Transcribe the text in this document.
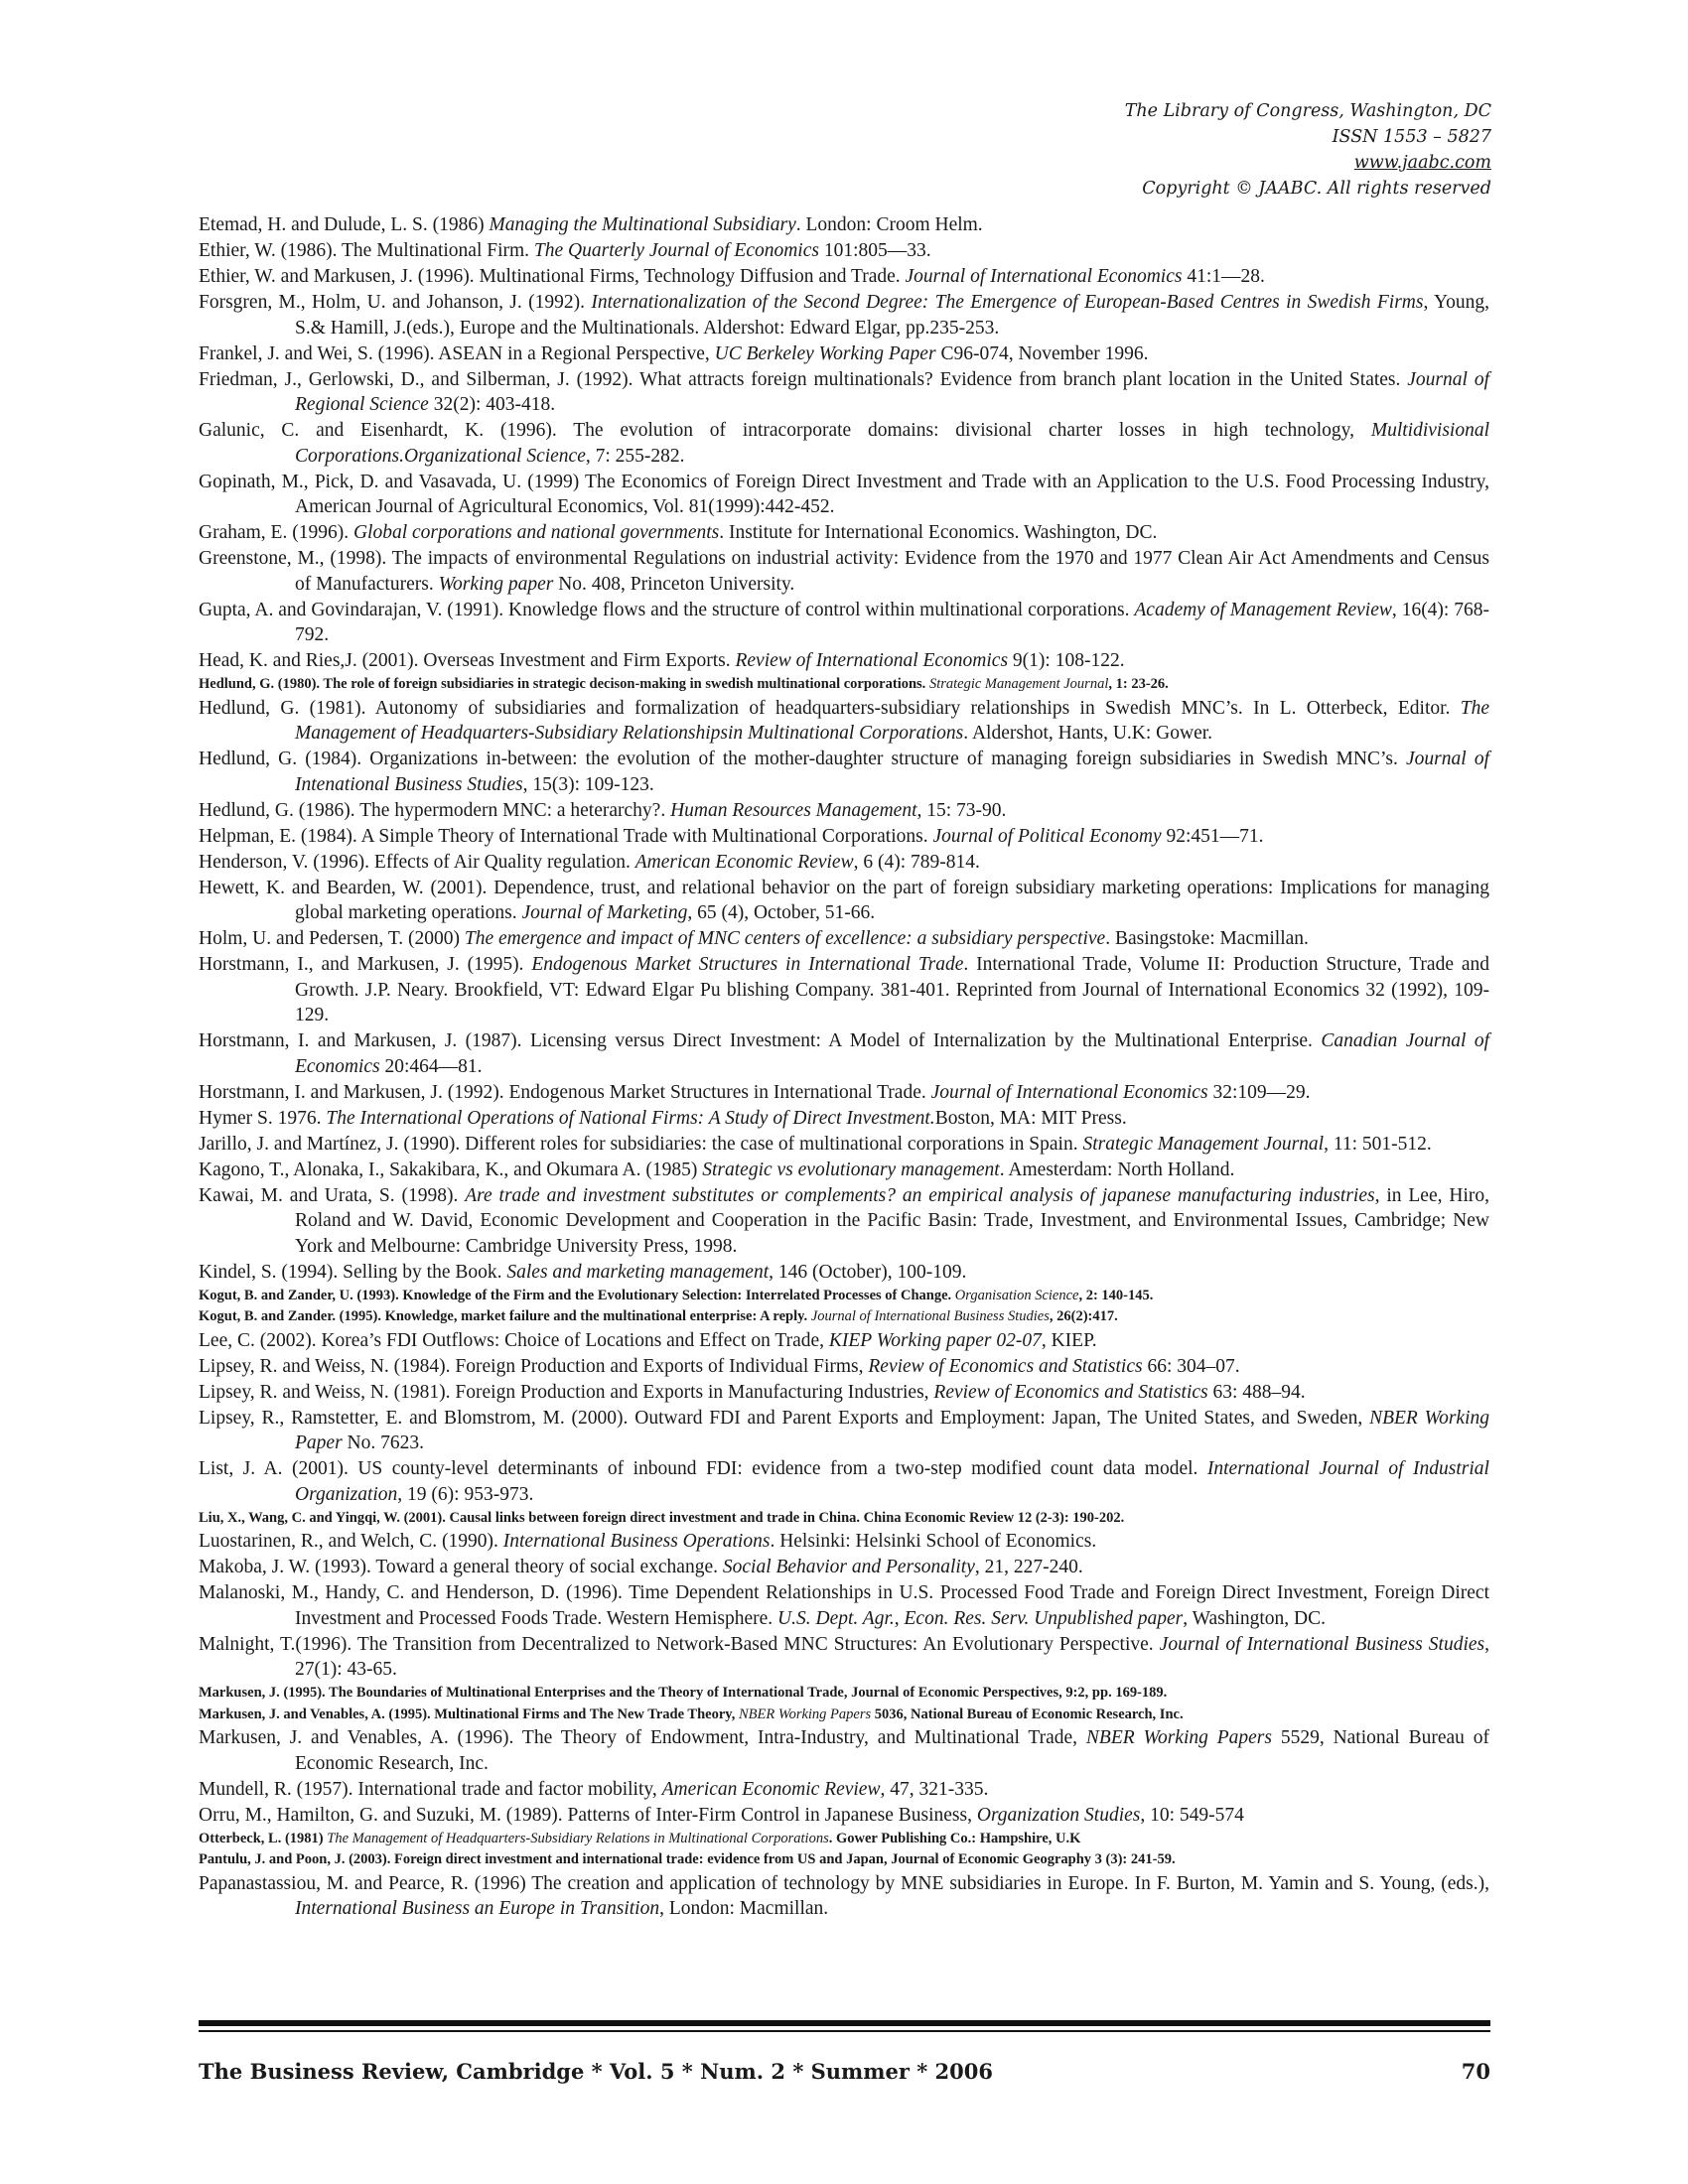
The Library of Congress, Washington, DC
ISSN 1553 – 5827
www.jaabc.com
Copyright © JAABC. All rights reserved
Etemad, H. and Dulude, L. S. (1986) Managing the Multinational Subsidiary. London: Croom Helm.
Ethier, W. (1986). The Multinational Firm. The Quarterly Journal of Economics 101:805—33.
Ethier, W. and Markusen, J. (1996). Multinational Firms, Technology Diffusion and Trade. Journal of International Economics 41:1—28.
Forsgren, M., Holm, U. and Johanson, J. (1992). Internationalization of the Second Degree: The Emergence of European-Based Centres in Swedish Firms, Young, S.& Hamill, J.(eds.), Europe and the Multinationals. Aldershot: Edward Elgar, pp.235-253.
Frankel, J. and Wei, S. (1996). ASEAN in a Regional Perspective, UC Berkeley Working Paper C96-074, November 1996.
Friedman, J., Gerlowski, D., and Silberman, J. (1992). What attracts foreign multinationals? Evidence from branch plant location in the United States. Journal of Regional Science 32(2): 403-418.
Galunic, C. and Eisenhardt, K. (1996). The evolution of intracorporate domains: divisional charter losses in high technology, Multidivisional Corporations.Organizational Science, 7: 255-282.
Gopinath, M., Pick, D. and Vasavada, U. (1999) The Economics of Foreign Direct Investment and Trade with an Application to the U.S. Food Processing Industry, American Journal of Agricultural Economics, Vol. 81(1999):442-452.
Graham, E. (1996). Global corporations and national governments. Institute for International Economics. Washington, DC.
Greenstone, M., (1998). The impacts of environmental Regulations on industrial activity: Evidence from the 1970 and 1977 Clean Air Act Amendments and Census of Manufacturers. Working paper No. 408, Princeton University.
Gupta, A. and Govindarajan, V. (1991). Knowledge flows and the structure of control within multinational corporations. Academy of Management Review, 16(4): 768-792.
Head, K. and Ries,J. (2001). Overseas Investment and Firm Exports. Review of International Economics 9(1): 108-122.
Hedlund, G. (1980). The role of foreign subsidiaries in strategic decison-making in swedish multinational corporations. Strategic Management Journal, 1: 23-26.
Hedlund, G. (1981). Autonomy of subsidiaries and formalization of headquarters-subsidiary relationships in Swedish MNC’s. In L. Otterbeck, Editor. The Management of Headquarters-Subsidiary Relationshipsin Multinational Corporations. Aldershot, Hants, U.K: Gower.
Hedlund, G. (1984). Organizations in-between: the evolution of the mother-daughter structure of managing foreign subsidiaries in Swedish MNC’s. Journal of Intenational Business Studies, 15(3): 109-123.
Hedlund, G. (1986). The hypermodern MNC: a heterarchy?. Human Resources Management, 15: 73-90.
Helpman, E. (1984). A Simple Theory of International Trade with Multinational Corporations. Journal of Political Economy 92:451—71.
Henderson, V. (1996). Effects of Air Quality regulation. American Economic Review, 6 (4): 789-814.
Hewett, K. and Bearden, W. (2001). Dependence, trust, and relational behavior on the part of foreign subsidiary marketing operations: Implications for managing global marketing operations. Journal of Marketing, 65 (4), October, 51-66.
Holm, U. and Pedersen, T. (2000) The emergence and impact of MNC centers of excellence: a subsidiary perspective. Basingstoke: Macmillan.
Horstmann, I., and Markusen, J. (1995). Endogenous Market Structures in International Trade. International Trade, Volume II: Production Structure, Trade and Growth. J.P. Neary. Brookfield, VT: Edward Elgar Pu blishing Company. 381-401. Reprinted from Journal of International Economics 32 (1992), 109-129.
Horstmann, I. and Markusen, J. (1987). Licensing versus Direct Investment: A Model of Internalization by the Multinational Enterprise. Canadian Journal of Economics 20:464—81.
Horstmann, I. and Markusen, J. (1992). Endogenous Market Structures in International Trade. Journal of International Economics 32:109—29.
Hymer S. 1976. The International Operations of National Firms: A Study of Direct Investment.Boston, MA: MIT Press.
Jarillo, J. and Martínez, J. (1990). Different roles for subsidiaries: the case of multinational corporations in Spain. Strategic Management Journal, 11: 501-512.
Kagono, T., Alonaka, I., Sakakibara, K., and Okumara A. (1985) Strategic vs evolutionary management. Amesterdam: North Holland.
Kawai, M. and Urata, S. (1998). Are trade and investment substitutes or complements? an empirical analysis of japanese manufacturing industries, in Lee, Hiro, Roland and W. David, Economic Development and Cooperation in the Pacific Basin: Trade, Investment, and Environmental Issues, Cambridge; New York and Melbourne: Cambridge University Press, 1998.
Kindel, S. (1994). Selling by the Book. Sales and marketing management, 146 (October), 100-109.
Kogut, B. and Zander, U. (1993). Knowledge of the Firm and the Evolutionary Selection: Interrelated Processes of Change. Organisation Science, 2: 140-145.
Kogut, B. and Zander. (1995). Knowledge, market failure and the multinational enterprise: A reply. Journal of International Business Studies, 26(2):417.
Lee, C. (2002). Korea’s FDI Outflows: Choice of Locations and Effect on Trade, KIEP Working paper 02-07, KIEP.
Lipsey, R. and Weiss, N. (1984). Foreign Production and Exports of Individual Firms, Review of Economics and Statistics 66: 304–07.
Lipsey, R. and Weiss, N. (1981). Foreign Production and Exports in Manufacturing Industries, Review of Economics and Statistics 63: 488–94.
Lipsey, R., Ramstetter, E. and Blomstrom, M. (2000). Outward FDI and Parent Exports and Employment: Japan, The United States, and Sweden, NBER Working Paper No. 7623.
List, J. A. (2001). US county-level determinants of inbound FDI: evidence from a two-step modified count data model. International Journal of Industrial Organization, 19 (6): 953-973.
Liu, X., Wang, C. and Yingqi, W. (2001). Causal links between foreign direct investment and trade in China. China Economic Review 12 (2-3): 190-202.
Luostarinen, R., and Welch, C. (1990). International Business Operations. Helsinki: Helsinki School of Economics.
Makoba, J. W. (1993). Toward a general theory of social exchange. Social Behavior and Personality, 21, 227-240.
Malanoski, M., Handy, C. and Henderson, D. (1996). Time Dependent Relationships in U.S. Processed Food Trade and Foreign Direct Investment, Foreign Direct Investment and Processed Foods Trade. Western Hemisphere. U.S. Dept. Agr., Econ. Res. Serv. Unpublished paper, Washington, DC.
Malnight, T.(1996). The Transition from Decentralized to Network-Based MNC Structures: An Evolutionary Perspective. Journal of International Business Studies, 27(1): 43-65.
Markusen, J. (1995). The Boundaries of Multinational Enterprises and the Theory of International Trade, Journal of Economic Perspectives, 9:2, pp. 169-189.
Markusen, J. and Venables, A. (1995). Multinational Firms and The New Trade Theory, NBER Working Papers 5036, National Bureau of Economic Research, Inc.
Markusen, J. and Venables, A. (1996). The Theory of Endowment, Intra-Industry, and Multinational Trade, NBER Working Papers 5529, National Bureau of Economic Research, Inc.
Mundell, R. (1957). International trade and factor mobility, American Economic Review, 47, 321-335.
Orru, M., Hamilton, G. and Suzuki, M. (1989). Patterns of Inter-Firm Control in Japanese Business, Organization Studies, 10: 549-574
Otterbeck, L. (1981) The Management of Headquarters-Subsidiary Relations in Multinational Corporations. Gower Publishing Co.: Hampshire, U.K
Pantulu, J. and Poon, J. (2003). Foreign direct investment and international trade: evidence from US and Japan, Journal of Economic Geography 3 (3): 241-59.
Papanastassiou, M. and Pearce, R. (1996) The creation and application of technology by MNE subsidiaries in Europe. In F. Burton, M. Yamin and S. Young, (eds.), International Business an Europe in Transition, London: Macmillan.
The Business Review, Cambridge * Vol. 5 * Num. 2 * Summer * 2006	70
